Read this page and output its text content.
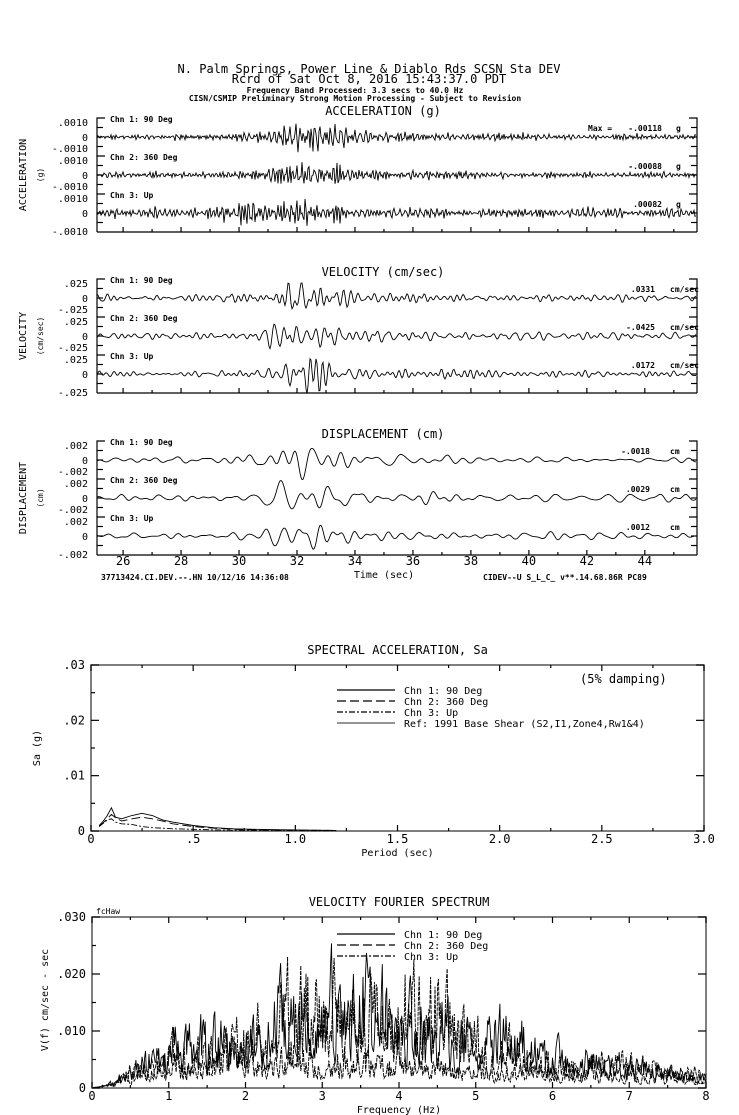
N. Palm Springs, Power Line & Diablo Rds SCSN Sta DEV
Rcrd of Sat Oct 8, 2016 15:43:37.0 PDT
Frequency Band Processed: 3.3 secs to 40.0 Hz
CISN/CSMIP Preliminary Strong Motion Processing - Subject to Revision
ACCELERATION (g)
ACCELERATION (g)
.0010
0
-.0010
Chn 1: 90 Deg
Max = -.00118 g
.0010
0
-.0010
Chn 2: 360 Deg
-.00088 g
.0010
0
-.0010
Chn 3: Up
.00082 g
VELOCITY (cm/sec)
VELOCITY (cm/sec)
.025
0
-.025
Chn 1: 90 Deg
.0331 cm/sec
.025
0
-.025
Chn 2: 360 Deg
-.0425 cm/sec
.025
0
-.025
Chn 3: Up
.0172 cm/sec
DISPLACEMENT (cm)
DISPLACEMENT (cm)
.002
0
-.002
Chn 1: 90 Deg
-.0018	cm
.002
0
-.002
Chn 2: 360 Deg
.0029	cm
.002
0
-.002
Chn 3: Up
.0012	cm
26	28	30	32	34	36	38	40	42	44
Time (sec)
37713424.CI.DEV.--.HN 10/12/16 14:36:08	CIDEV--U S_L_C_ v**.14.68.86R PC89
SPECTRAL ACCELERATION, Sa
0	.5	1.0	1.5	2.0	2.5	3.0
0
.01
.02
.03
Period (sec)
Sa (g)
(5% damping)
Chn 1: 90 Deg
Chn 2: 360 Deg
Chn 3: Up
Ref: 1991 Base Shear (S2,I1,Zone4,Rw1&4)
VELOCITY FOURIER SPECTRUM
0	1	2	3	4	5	6	7	8
0
.010
.020
.030
Frequency (Hz)
V(f) cm/sec - sec
fcHaw
Chn 1: 90 Deg
Chn 2: 360 Deg
Chn 3: Up
